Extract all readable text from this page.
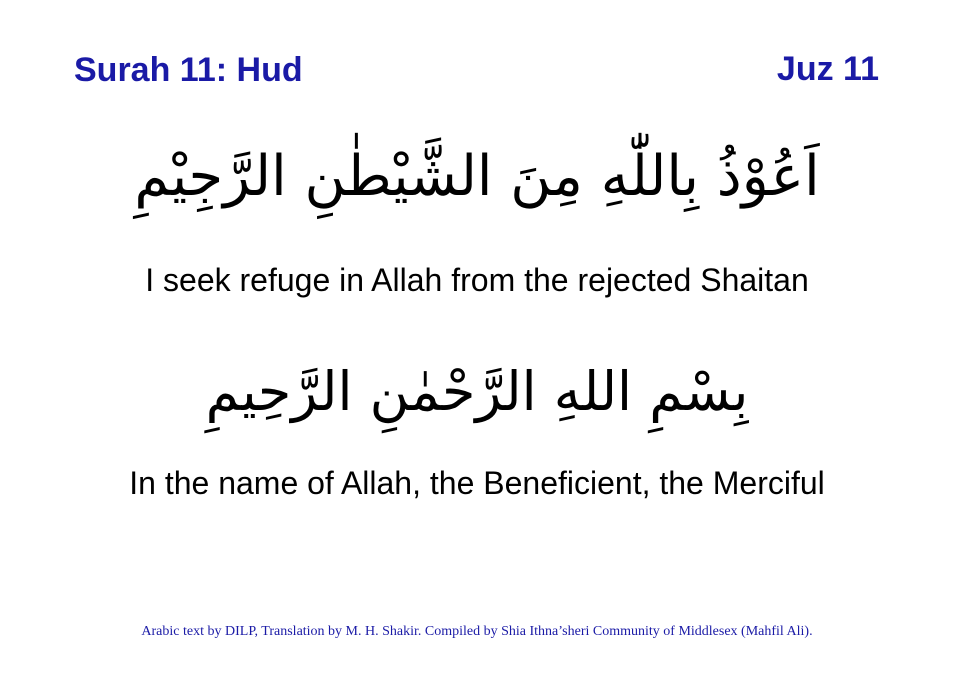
Surah 11: Hud	Juz 11
اَعُوْذُ بِاللّٰهِ مِنَ الشَّيْطٰنِ الرَّجِيْمِ
I seek refuge in Allah from the rejected Shaitan
بِسْمِ اللهِ الرَّحْمٰنِ الرَّحِيمِ
In the name of Allah, the Beneficient, the Merciful
Arabic text by DILP, Translation by M. H. Shakir. Compiled by Shia Ithna’sheri Community of Middlesex (Mahfil Ali).
